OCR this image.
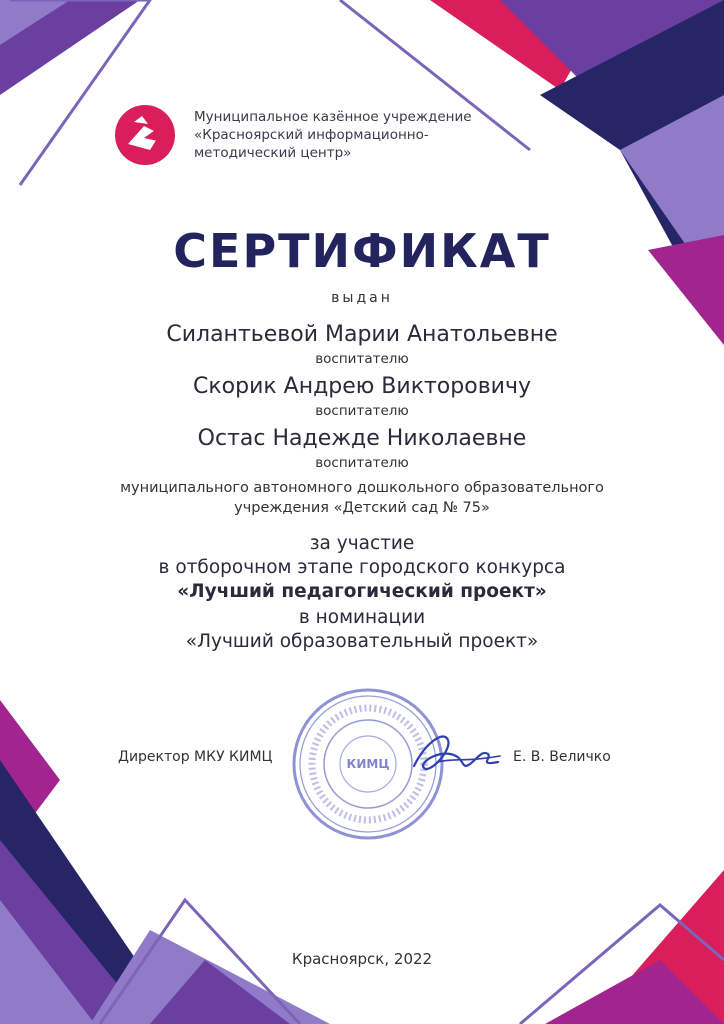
Муниципальное казённое учреждение
«Красноярский информационно-
методический центр»
СЕРТИФИКАТ
выдан
Силантьевой Марии Анатольевне
воспитателю
Скорик Андрею Викторовичу
воспитателю
Остас Надежде Николаевне
воспитателю
муниципального автономного дошкольного образовательного
учреждения «Детский сад № 75»
за участие
в отборочном этапе городского конкурса
«Лучший педагогический проект»
в номинации
«Лучший образовательный проект»
Директор МКУ КИМЦ	КИМЦ	Е. В. Величко
Красноярск, 2022
